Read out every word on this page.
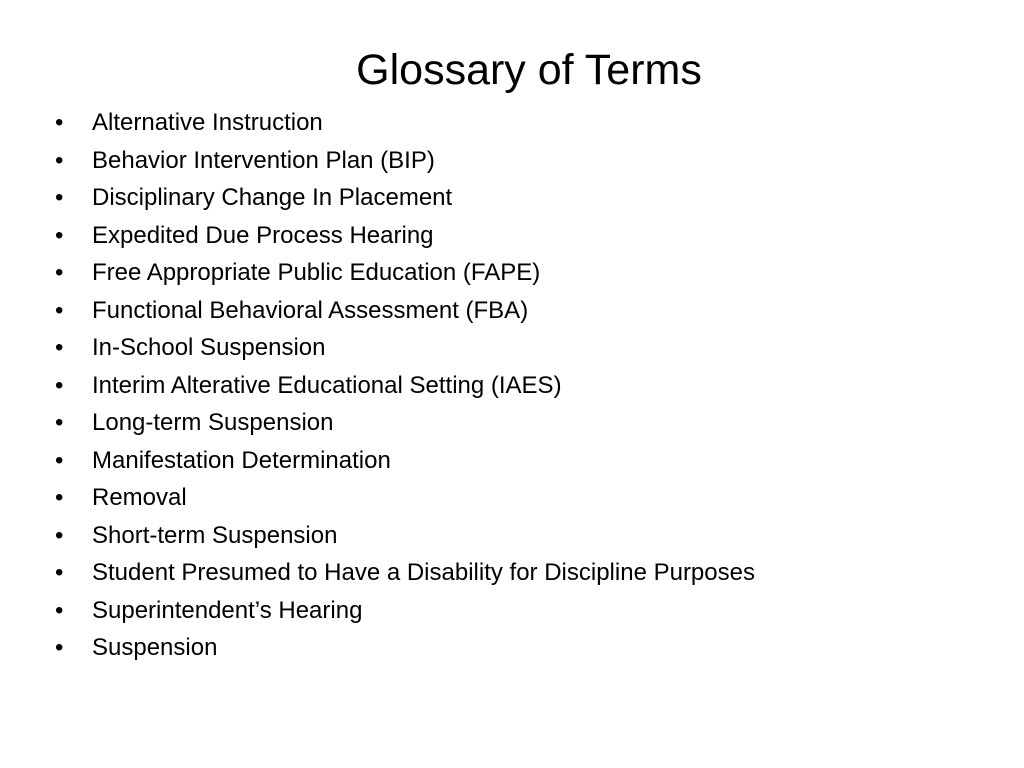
Glossary of Terms
•	Alternative Instruction
•	Behavior Intervention Plan (BIP)
•	Disciplinary Change In Placement
•	Expedited Due Process Hearing
•	Free Appropriate Public Education (FAPE)
•	Functional Behavioral Assessment (FBA)
•	In-School Suspension
•	Interim Alterative Educational Setting (IAES)
•	Long-term Suspension
•	Manifestation Determination
•	Removal
•	Short-term Suspension
•	Student Presumed to Have a Disability for Discipline Purposes
•	Superintendent’s Hearing
•	Suspension
